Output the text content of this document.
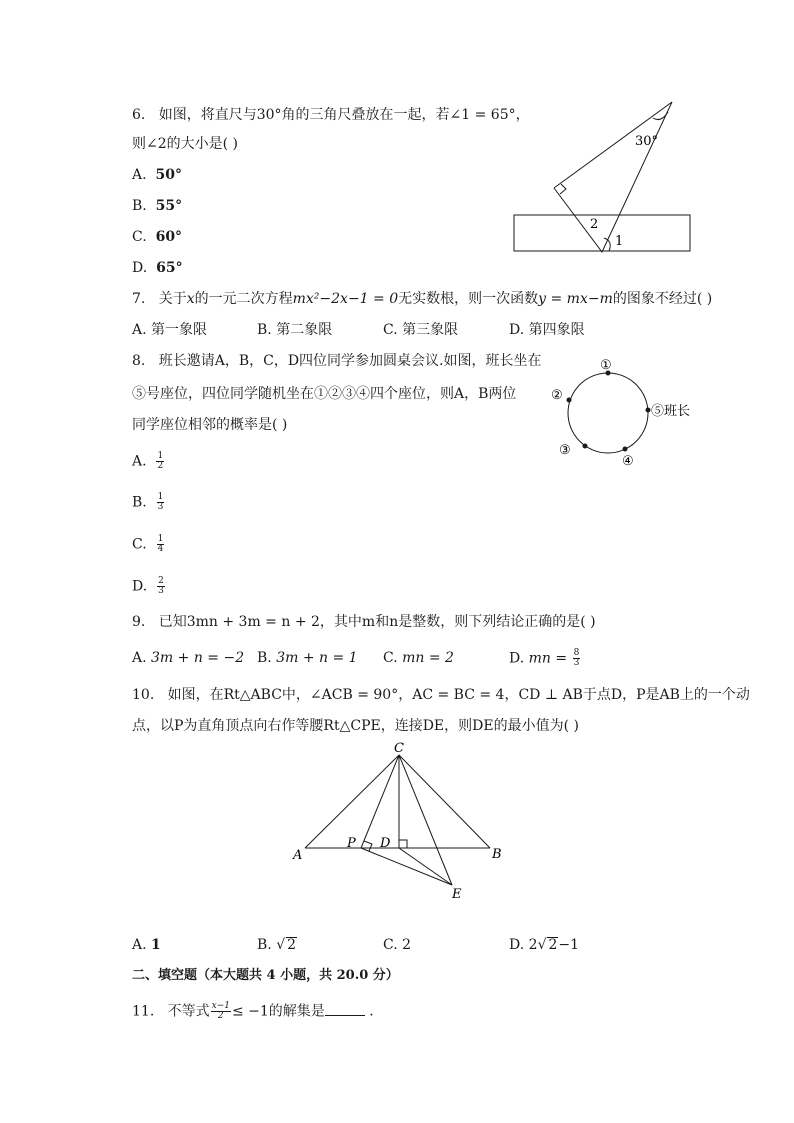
6. 如图，将直尺与30°角的三角尺叠放在一起，若∠1 = 65°，
则∠2的大小是( )
A. 50°
B. 55°
C. 60°
D. 65°
30°
2
1
7. 关于x的一元二次方程mx²−2x−1 = 0无实数根，则一次函数y = mx−m的图象不经过( )
A. 第一象限	B. 第二象限	C. 第三象限	D. 第四象限
8. 班长邀请A，B，C，D四位同学参加圆桌会议.如图，班长坐在
⑤号座位，四位同学随机坐在①②③④四个座位，则A，B两位
同学座位相邻的概率是( )
A. $\frac{1}{2}$
B. $\frac{1}{3}$
C. $\frac{1}{4}$
D. $\frac{2}{3}$
①
②
③
④
⑤班长
9. 已知3mn + 3m = n + 2，其中m和n是整数，则下列结论正确的是( )
A. 3m + n = −2 B. 3m + n = 1 C. mn = 2	D. mn = $\frac{8}{3}$
10. 如图，在Rt△ABC中，∠ACB = 90°，AC = BC = 4，CD ⊥ AB于点D，P是AB上的一个动
点，以P为直角顶点向右作等腰Rt△CPE，连接DE，则DE的最小值为( )
C
A	B
P D
E
A. 1	B. √ 2	C. 2	D. 2√ 2−1
二、填空题（本大题共 4 小题，共 20.0 分）
11. 不等式 $\frac{x-1}{2} \le -1$的解集是	.
